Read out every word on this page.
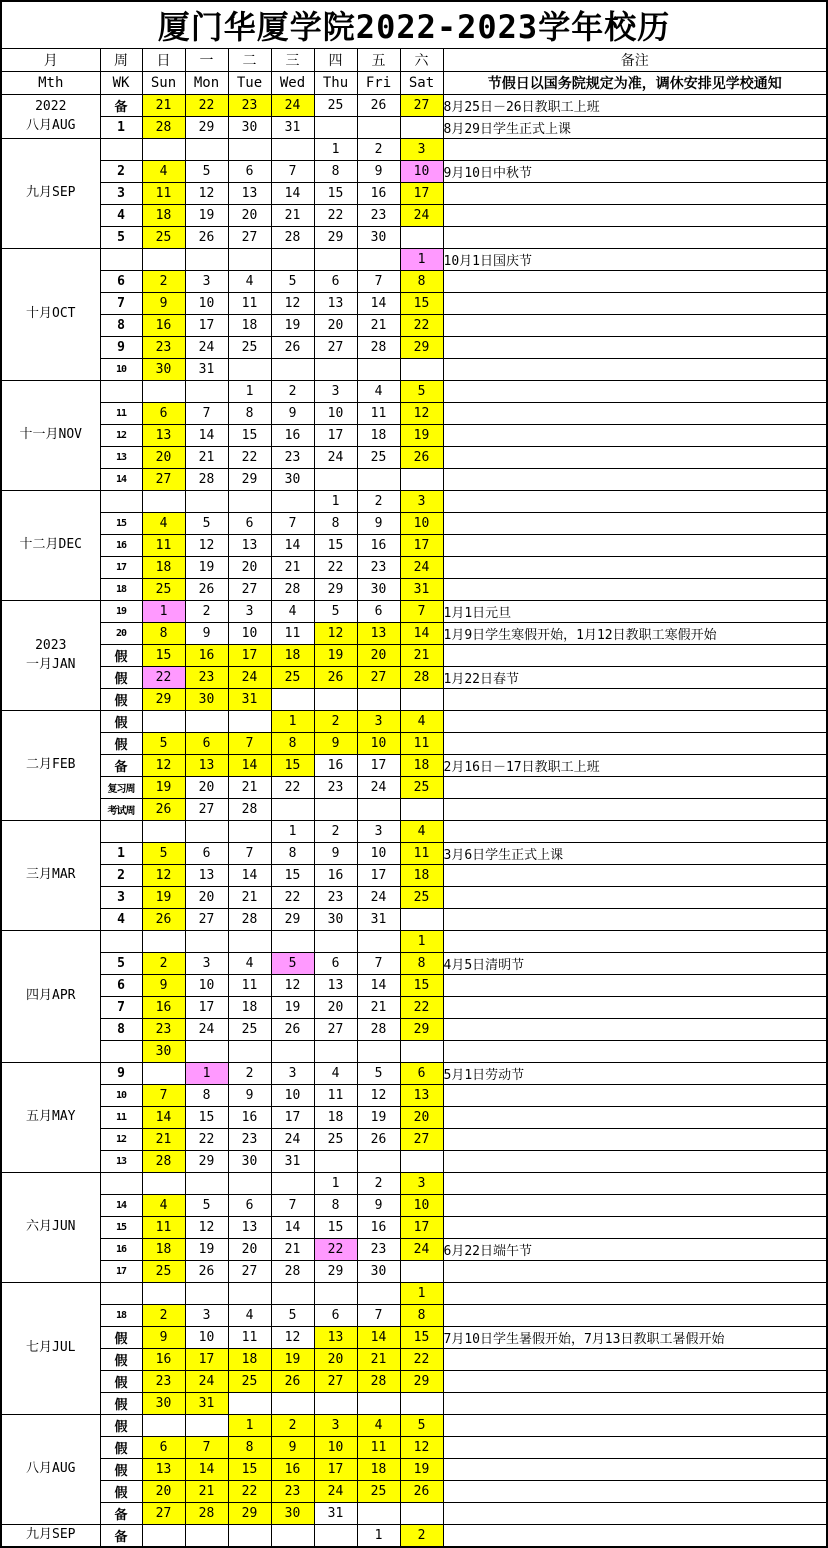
厦门华厦学院2022-2023学年校历									
月	周	日	一	二	三	四	五	六	备注
Mth	WK	Sun	Mon	Tue	Wed	Thu	Fri	Sat	节假日以国务院规定为准，调休安排见学校通知

2022
八月AUG	备	21	22	23	24	25	26	27	8月25日－26日教职工上班
	1	28	29	30	31				8月29日学生正式上课

九月SEP						1	2	3	
	2	4	5	6	7	8	9	10	9月10日中秋节
	3	11	12	13	14	15	16	17	
	4	18	19	20	21	22	23	24	
	5	25	26	27	28	29	30		

十月OCT								1	10月1日国庆节
	6	2	3	4	5	6	7	8	
	7	9	10	11	12	13	14	15	
	8	16	17	18	19	20	21	22	
	9	23	24	25	26	27	28	29	
	10	30	31						

十一月NOV				1	2	3	4	5	
	11	6	7	8	9	10	11	12	
	12	13	14	15	16	17	18	19	
	13	20	21	22	23	24	25	26	
	14	27	28	29	30				

十二月DEC						1	2	3	
	15	4	5	6	7	8	9	10	
	16	11	12	13	14	15	16	17	
	17	18	19	20	21	22	23	24	
	18	25	26	27	28	29	30	31	

2023
一月JAN	19	1	2	3	4	5	6	7	1月1日元旦
	20	8	9	10	11	12	13	14	1月9日学生寒假开始，1月12日教职工寒假开始
	假	15	16	17	18	19	20	21	
	假	22	23	24	25	26	27	28	1月22日春节
	假	29	30	31					

二月FEB	假				1	2	3	4	
	假	5	6	7	8	9	10	11	
	备	12	13	14	15	16	17	18	2月16日－17日教职工上班
	复习周	19	20	21	22	23	24	25	
	考试周	26	27	28					

三月MAR					1	2	3	4	
	1	5	6	7	8	9	10	11	3月6日学生正式上课
	2	12	13	14	15	16	17	18	
	3	19	20	21	22	23	24	25	
	4	26	27	28	29	30	31		

四月APR								1	
	5	2	3	4	5	6	7	8	4月5日清明节
	6	9	10	11	12	13	14	15	
	7	16	17	18	19	20	21	22	
	8	23	24	25	26	27	28	29	
		30							

五月MAY	9		1	2	3	4	5	6	5月1日劳动节
	10	7	8	9	10	11	12	13	
	11	14	15	16	17	18	19	20	
	12	21	22	23	24	25	26	27	
	13	28	29	30	31				

六月JUN						1	2	3	
	14	4	5	6	7	8	9	10	
	15	11	12	13	14	15	16	17	
	16	18	19	20	21	22	23	24	6月22日端午节
	17	25	26	27	28	29	30		

七月JUL								1	
	18	2	3	4	5	6	7	8	
	假	9	10	11	12	13	14	15	7月10日学生暑假开始，7月13日教职工暑假开始
	假	16	17	18	19	20	21	22	
	假	23	24	25	26	27	28	29	
	假	30	31						

八月AUG	假			1	2	3	4	5	
	假	6	7	8	9	10	11	12	
	假	13	14	15	16	17	18	19	
	假	20	21	22	23	24	25	26	
	备	27	28	29	30	31			

九月SEP	备						1	2	
